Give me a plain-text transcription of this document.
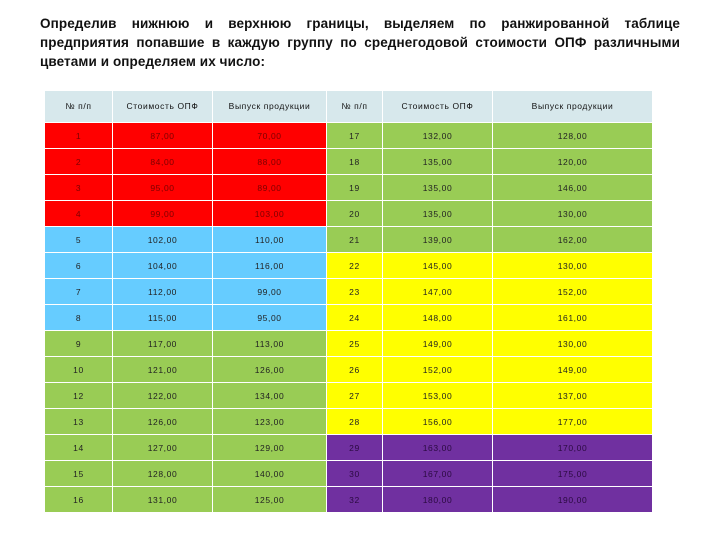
Определив нижнюю и верхнюю границы, выделяем по ранжированной таблице предприятия попавшие в каждую группу по среднегодовой стоимости ОПФ различными цветами и определяем их число:
№ п/п	Стоимость ОПФ	Выпуск продукции	№ п/п	Стоимость ОПФ	Выпуск продукции
1	87,00	70,00	17	132,00	128,00
2	84,00	88,00	18	135,00	120,00
3	95,00	89,00	19	135,00	146,00
4	99,00	103,00	20	135,00	130,00
5	102,00	110,00	21	139,00	162,00
6	104,00	116,00	22	145,00	130,00
7	112,00	99,00	23	147,00	152,00
8	115,00	95,00	24	148,00	161,00
9	117,00	113,00	25	149,00	130,00
10	121,00	126,00	26	152,00	149,00
12	122,00	134,00	27	153,00	137,00
13	126,00	123,00	28	156,00	177,00
14	127,00	129,00	29	163,00	170,00
15	128,00	140,00	30	167,00	175,00
16	131,00	125,00	32	180,00	190,00
